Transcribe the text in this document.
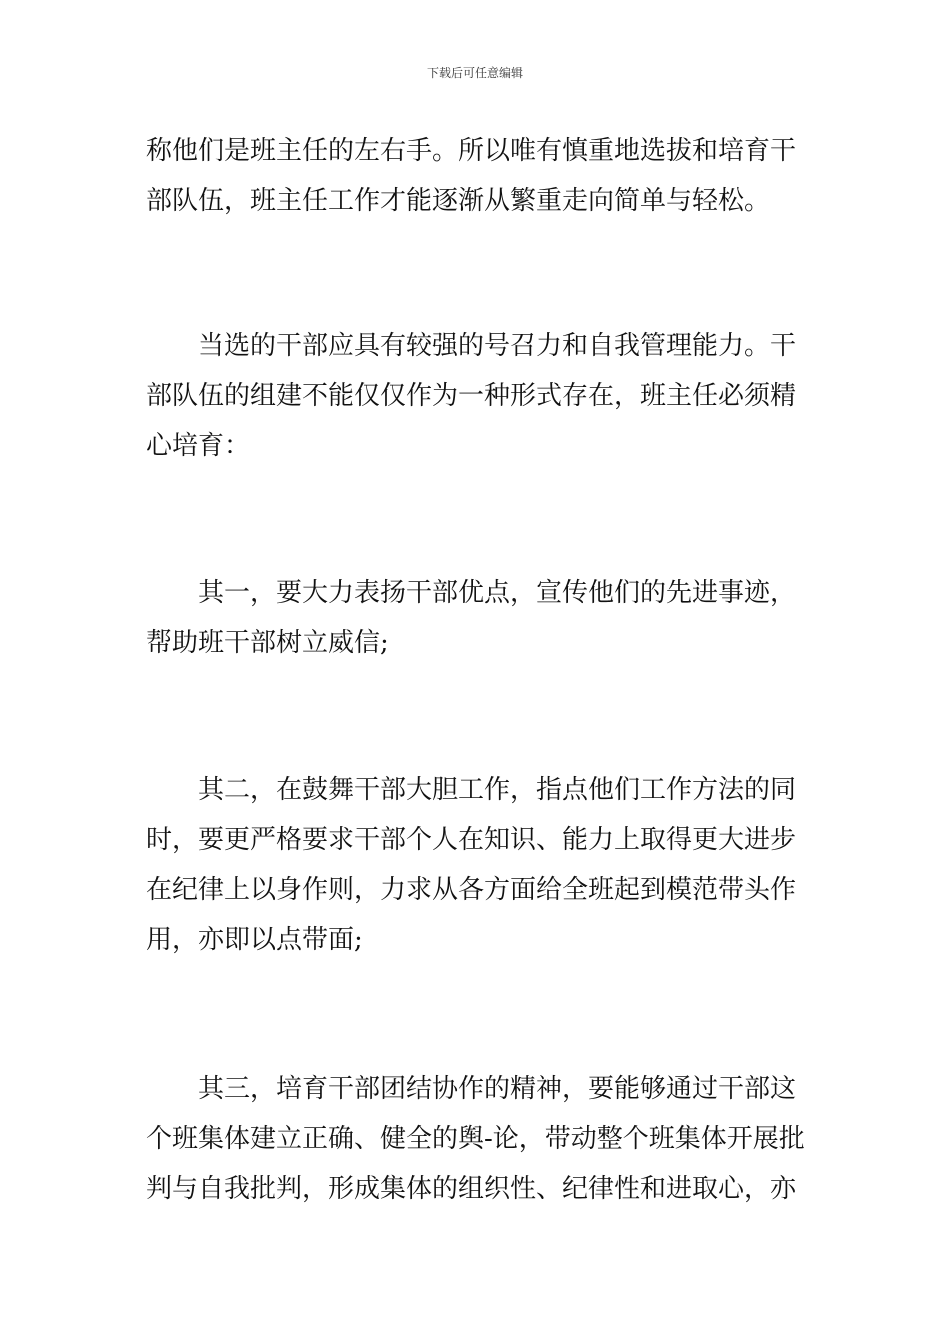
下载后可任意编辑
称他们是班主任的左右手。所以唯有慎重地选拔和培育干
部队伍，班主任工作才能逐渐从繁重走向简单与轻松。
当选的干部应具有较强的号召力和自我管理能力。干
部队伍的组建不能仅仅作为一种形式存在，班主任必须精
心培育：
其一，要大力表扬干部优点，宣传他们的先进事迹，
帮助班干部树立威信;
其二，在鼓舞干部大胆工作，指点他们工作方法的同
时，要更严格要求干部个人在知识、能力上取得更大进步
在纪律上以身作则，力求从各方面给全班起到模范带头作
用，亦即以点带面;
其三，培育干部团结协作的精神，要能够通过干部这
个班集体建立正确、健全的舆-论，带动整个班集体开展批
判与自我批判，形成集体的组织性、纪律性和进取心，亦
